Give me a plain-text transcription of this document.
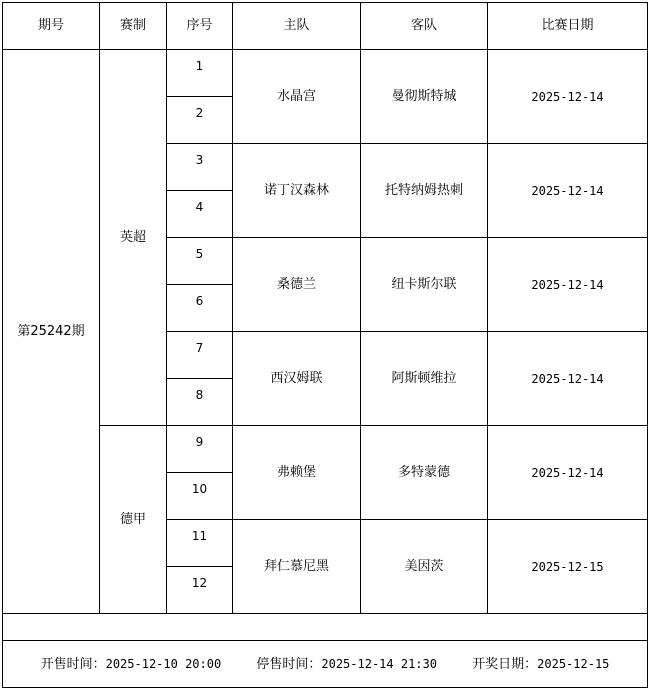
期号	赛制	序号	主队	客队	比赛日期
第25242期	英超	1	水晶宫	曼彻斯特城	2025-12-14
		2			
		3	诺丁汉森林	托特纳姆热刺	2025-12-14
		4			
		5	桑德兰	纽卡斯尔联	2025-12-14
		6			
		7	西汉姆联	阿斯顿维拉	2025-12-14
		8			
	德甲	9	弗赖堡	多特蒙德	2025-12-14
		10			
		11	拜仁慕尼黑	美因茨	2025-12-15
		12			

开售时间：2025-12-10 20:00 停售时间：2025-12-14 21:30 开奖日期：2025-12-15					
